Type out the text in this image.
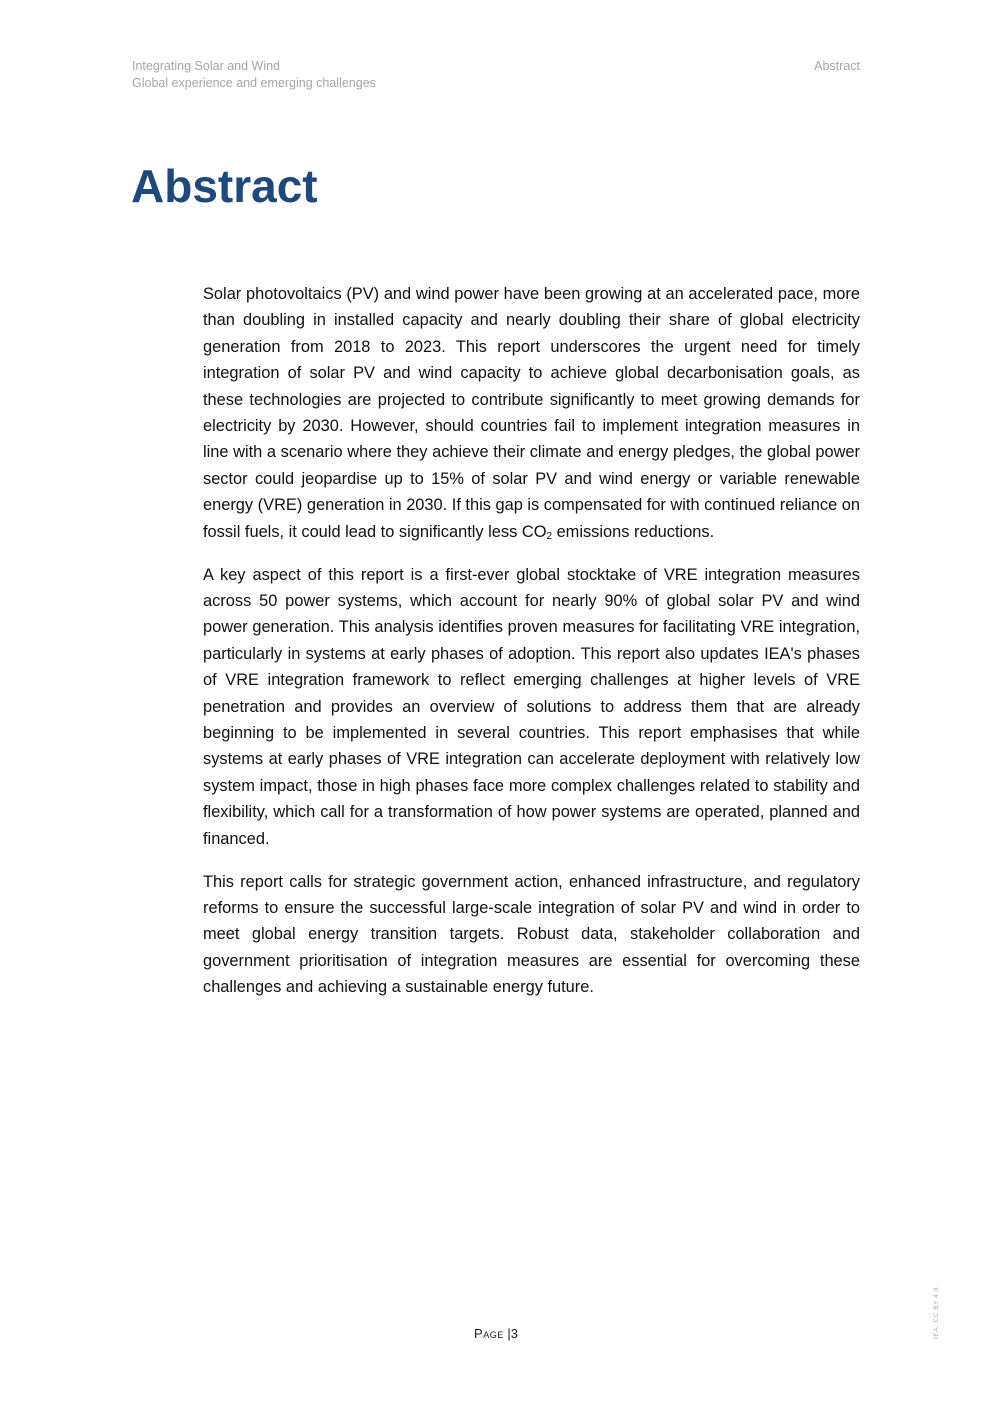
Integrating Solar and Wind
Global experience and emerging challenges
Abstract
Abstract

Solar photovoltaics (PV) and wind power have been growing at an accelerated pace, more than doubling in installed capacity and nearly doubling their share of global electricity generation from 2018 to 2023. This report underscores the urgent need for timely integration of solar PV and wind capacity to achieve global decarbonisation goals, as these technologies are projected to contribute significantly to meet growing demands for electricity by 2030. However, should countries fail to implement integration measures in line with a scenario where they achieve their climate and energy pledges, the global power sector could jeopardise up to 15% of solar PV and wind energy or variable renewable energy (VRE) generation in 2030. If this gap is compensated for with continued reliance on fossil fuels, it could lead to significantly less $CO_2$ emissions reductions.

A key aspect of this report is a first-ever global stocktake of VRE integration measures across 50 power systems, which account for nearly 90% of global solar PV and wind power generation. This analysis identifies proven measures for facilitating VRE integration, particularly in systems at early phases of adoption. This report also updates IEA's phases of VRE integration framework to reflect emerging challenges at higher levels of VRE penetration and provides an overview of solutions to address them that are already beginning to be implemented in several countries. This report emphasises that while systems at early phases of VRE integration can accelerate deployment with relatively low system impact, those in high phases face more complex challenges related to stability and flexibility, which call for a transformation of how power systems are operated, planned and financed.

This report calls for strategic government action, enhanced infrastructure, and regulatory reforms to ensure the successful large-scale integration of solar PV and wind in order to meet global energy transition targets. Robust data, stakeholder collaboration and government prioritisation of integration measures are essential for overcoming these challenges and achieving a sustainable energy future.

Page |3	IEA. CC BY 4.0.
